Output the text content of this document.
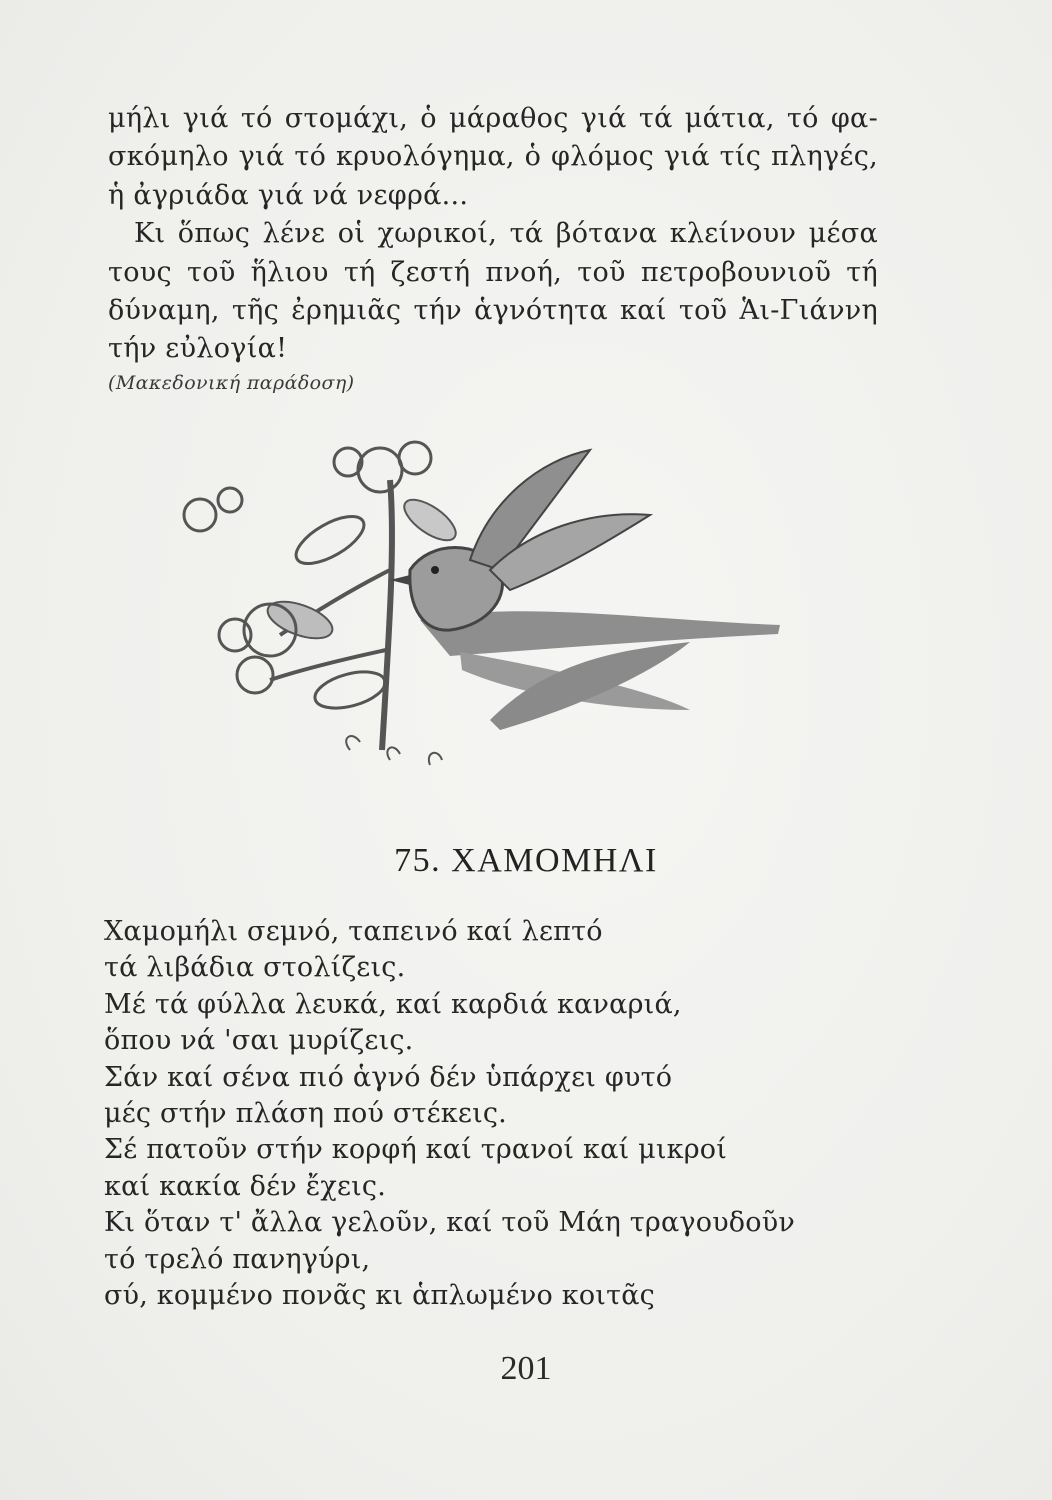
μήλι γιά τό στομάχι, ὁ μάραθος γιά τά μάτια, τό φα-
σκόμηλο γιά τό κρυολόγημα, ὁ φλόμος γιά τίς πληγές,
ἡ ἀγριάδα γιά νά νεφρά...

Κι ὅπως λένε οἱ χωρικοί, τά βότανα κλείνουν μέσα
τους τοῦ ἥλιου τή ζεστή πνοή, τοῦ πετροβουνιοῦ τή
δύναμη, τῆς ἐρημιᾶς τήν ἁγνότητα καί τοῦ Ἁι-Γιάννη
τήν εὐλογία!

(Μακεδονική παράδοση)
75. ΧΑΜΟΜΗΛΙ
Χαμομήλι σεμνό, ταπεινό καί λεπτό
τά λιβάδια στολίζεις.
Μέ τά φύλλα λευκά, καί καρδιά καναριά,
ὅπου νά 'σαι μυρίζεις.
Σάν καί σένα πιό ἁγνό δέν ὑπάρχει φυτό
μές στήν πλάση πού στέκεις.
Σέ πατοῦν στήν κορφή καί τρανοί καί μικροί
καί κακία δέν ἔχεις.
Κι ὅταν τ' ἄλλα γελοῦν, καί τοῦ Μάη τραγουδοῦν
τό τρελό πανηγύρι,
σύ, κομμένο πονᾶς κι ἁπλωμένο κοιτᾶς
201
